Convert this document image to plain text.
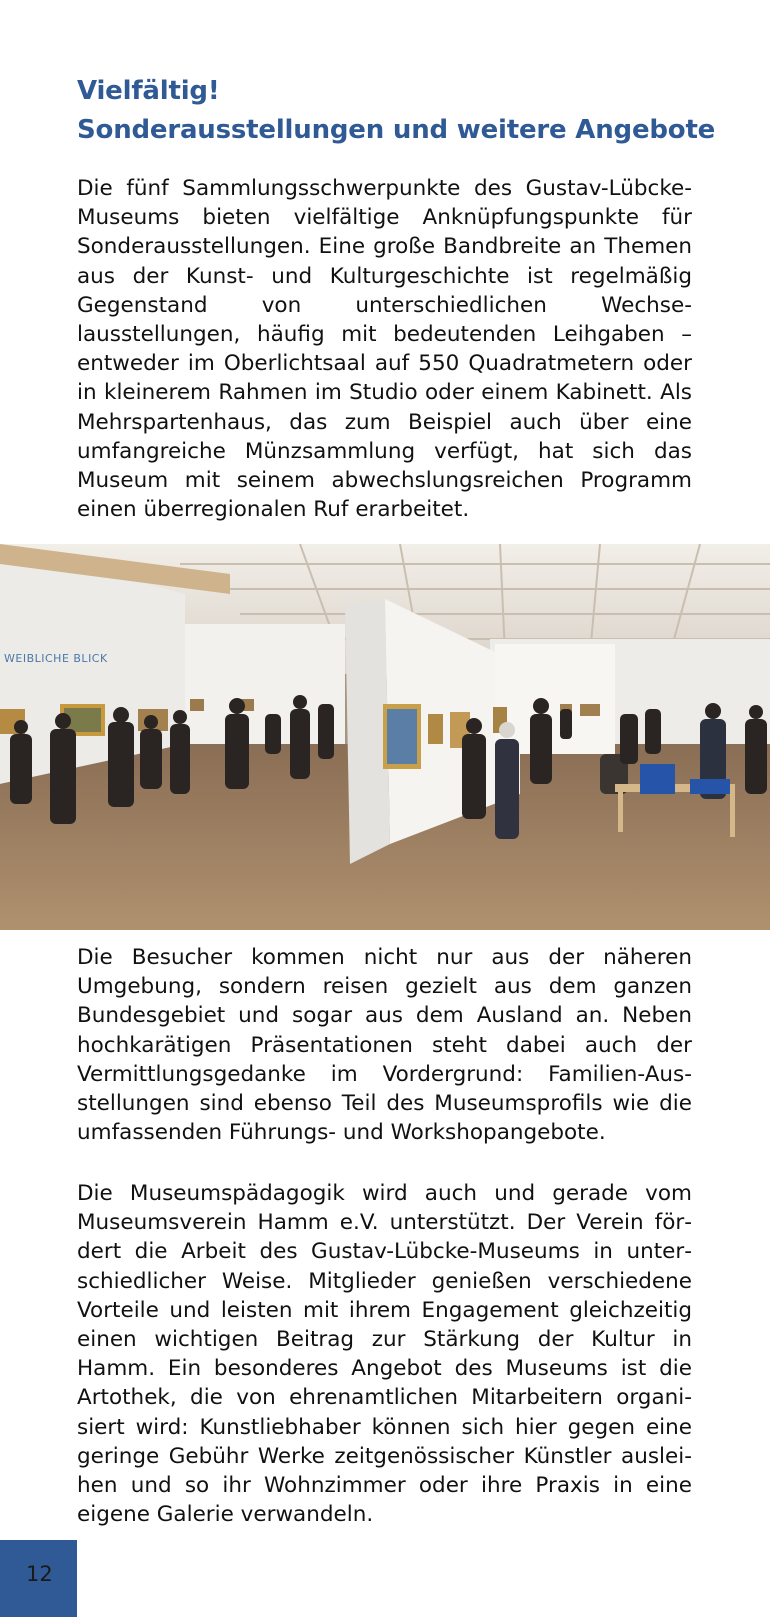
Vielfältig!
Sonderausstellungen und weitere Angebote
Die fünf Sammlungsschwerpunkte des Gustav-Lübcke-Museums bieten vielfältige Anknüpfungspunkte für Sonderausstellungen. Eine große Bandbreite an Themen aus der Kunst- und Kulturgeschichte ist regelmäßig Gegenstand von unterschiedlichen Wechselausstellungen, häufig mit bedeutenden Leihgaben – entweder im Oberlichtsaal auf 550 Quadratmetern oder in kleinerem Rahmen im Studio oder einem Kabinett. Als Mehrspartenhaus, das zum Beispiel auch über eine umfangreiche Münzsammlung verfügt, hat sich das Museum mit seinem abwechslungsreichen Programm einen überregionalen Ruf erarbeitet.
WEIBLICHE BLICK
Die Besucher kommen nicht nur aus der näheren Umgebung, sondern reisen gezielt aus dem ganzen Bundesgebiet und sogar aus dem Ausland an. Neben hochkarätigen Präsentationen steht dabei auch der Vermittlungsgedanke im Vordergrund: Familien-Ausstellungen sind ebenso Teil des Museumsprofils wie die umfassenden Führungs- und Workshopangebote.
Die Museumspädagogik wird auch und gerade vom Museumsverein Hamm e.V. unterstützt. Der Verein fördert die Arbeit des Gustav-Lübcke-Museums in unterschiedlicher Weise. Mitglieder genießen verschiedene Vorteile und leisten mit ihrem Engagement gleichzeitig einen wichtigen Beitrag zur Stärkung der Kultur in Hamm. Ein besonderes Angebot des Museums ist die Artothek, die von ehrenamtlichen Mitarbeitern organisiert wird: Kunstliebhaber können sich hier gegen eine geringe Gebühr Werke zeitgenössischer Künstler ausleihen und so ihr Wohnzimmer oder ihre Praxis in eine eigene Galerie verwandeln.
12
